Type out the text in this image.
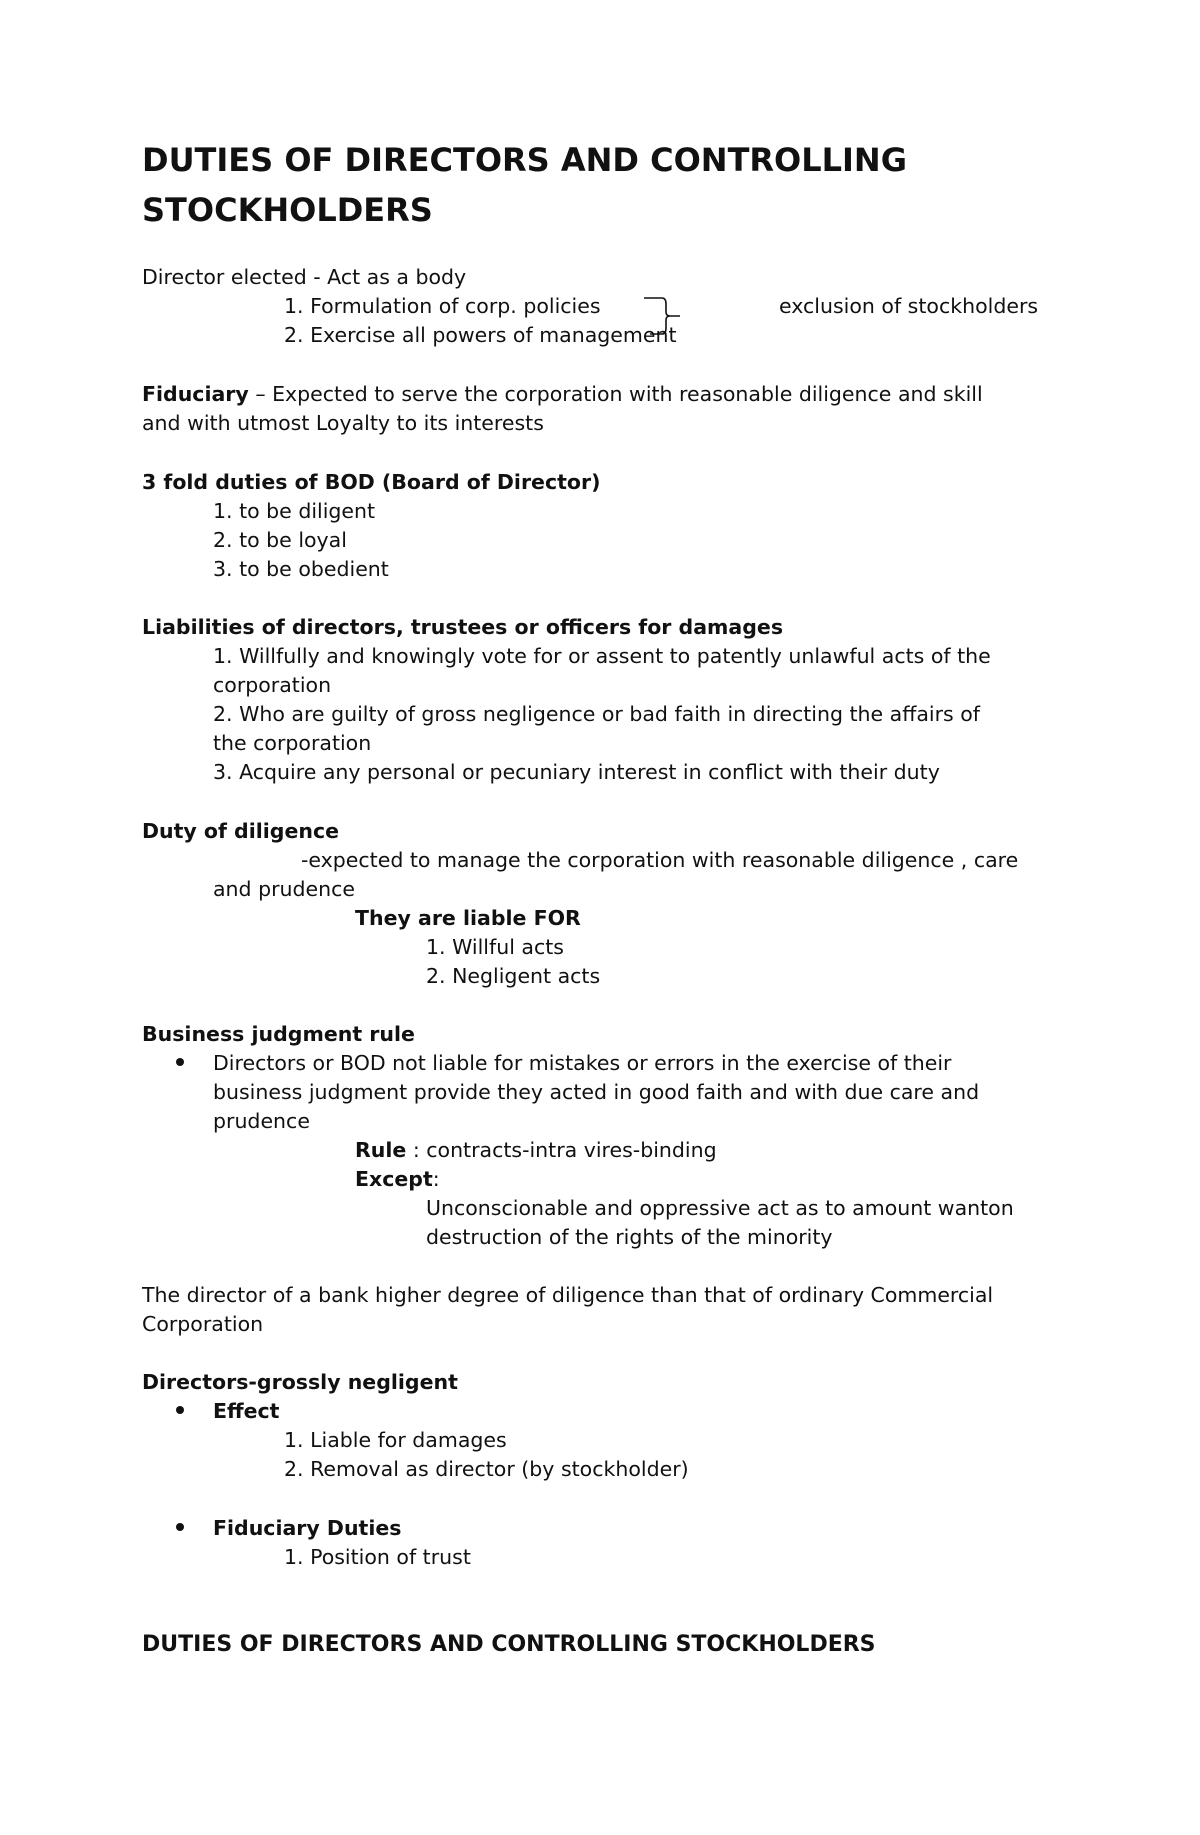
DUTIES OF DIRECTORS AND CONTROLLING
STOCKHOLDERS
Director elected - Act as a body
1. Formulation of corp. policies
2. Exercise all powers of management
exclusion of stockholders
Fiduciary – Expected to serve the corporation with reasonable diligence and skill
and with utmost Loyalty to its interests
3 fold duties of BOD (Board of Director)
1. to be diligent
2. to be loyal
3. to be obedient
Liabilities of directors, trustees or officers for damages
1. Willfully and knowingly vote for or assent to patently unlawful acts of the
corporation
2. Who are guilty of gross negligence or bad faith in directing the affairs of
the corporation
3. Acquire any personal or pecuniary interest in conflict with their duty
Duty of diligence
-expected to manage the corporation with reasonable diligence , care
and prudence
They are liable FOR
1. Willful acts
2. Negligent acts
Business judgment rule
Directors or BOD not liable for mistakes or errors in the exercise of their
business judgment provide they acted in good faith and with due care and
prudence
Rule : contracts-intra vires-binding
Except:
Unconscionable and oppressive act as to amount wanton
destruction of the rights of the minority
The director of a bank higher degree of diligence than that of ordinary Commercial
Corporation
Directors-grossly negligent
Effect
1. Liable for damages
2. Removal as director (by stockholder)
Fiduciary Duties
1. Position of trust
DUTIES OF DIRECTORS AND CONTROLLING STOCKHOLDERS
